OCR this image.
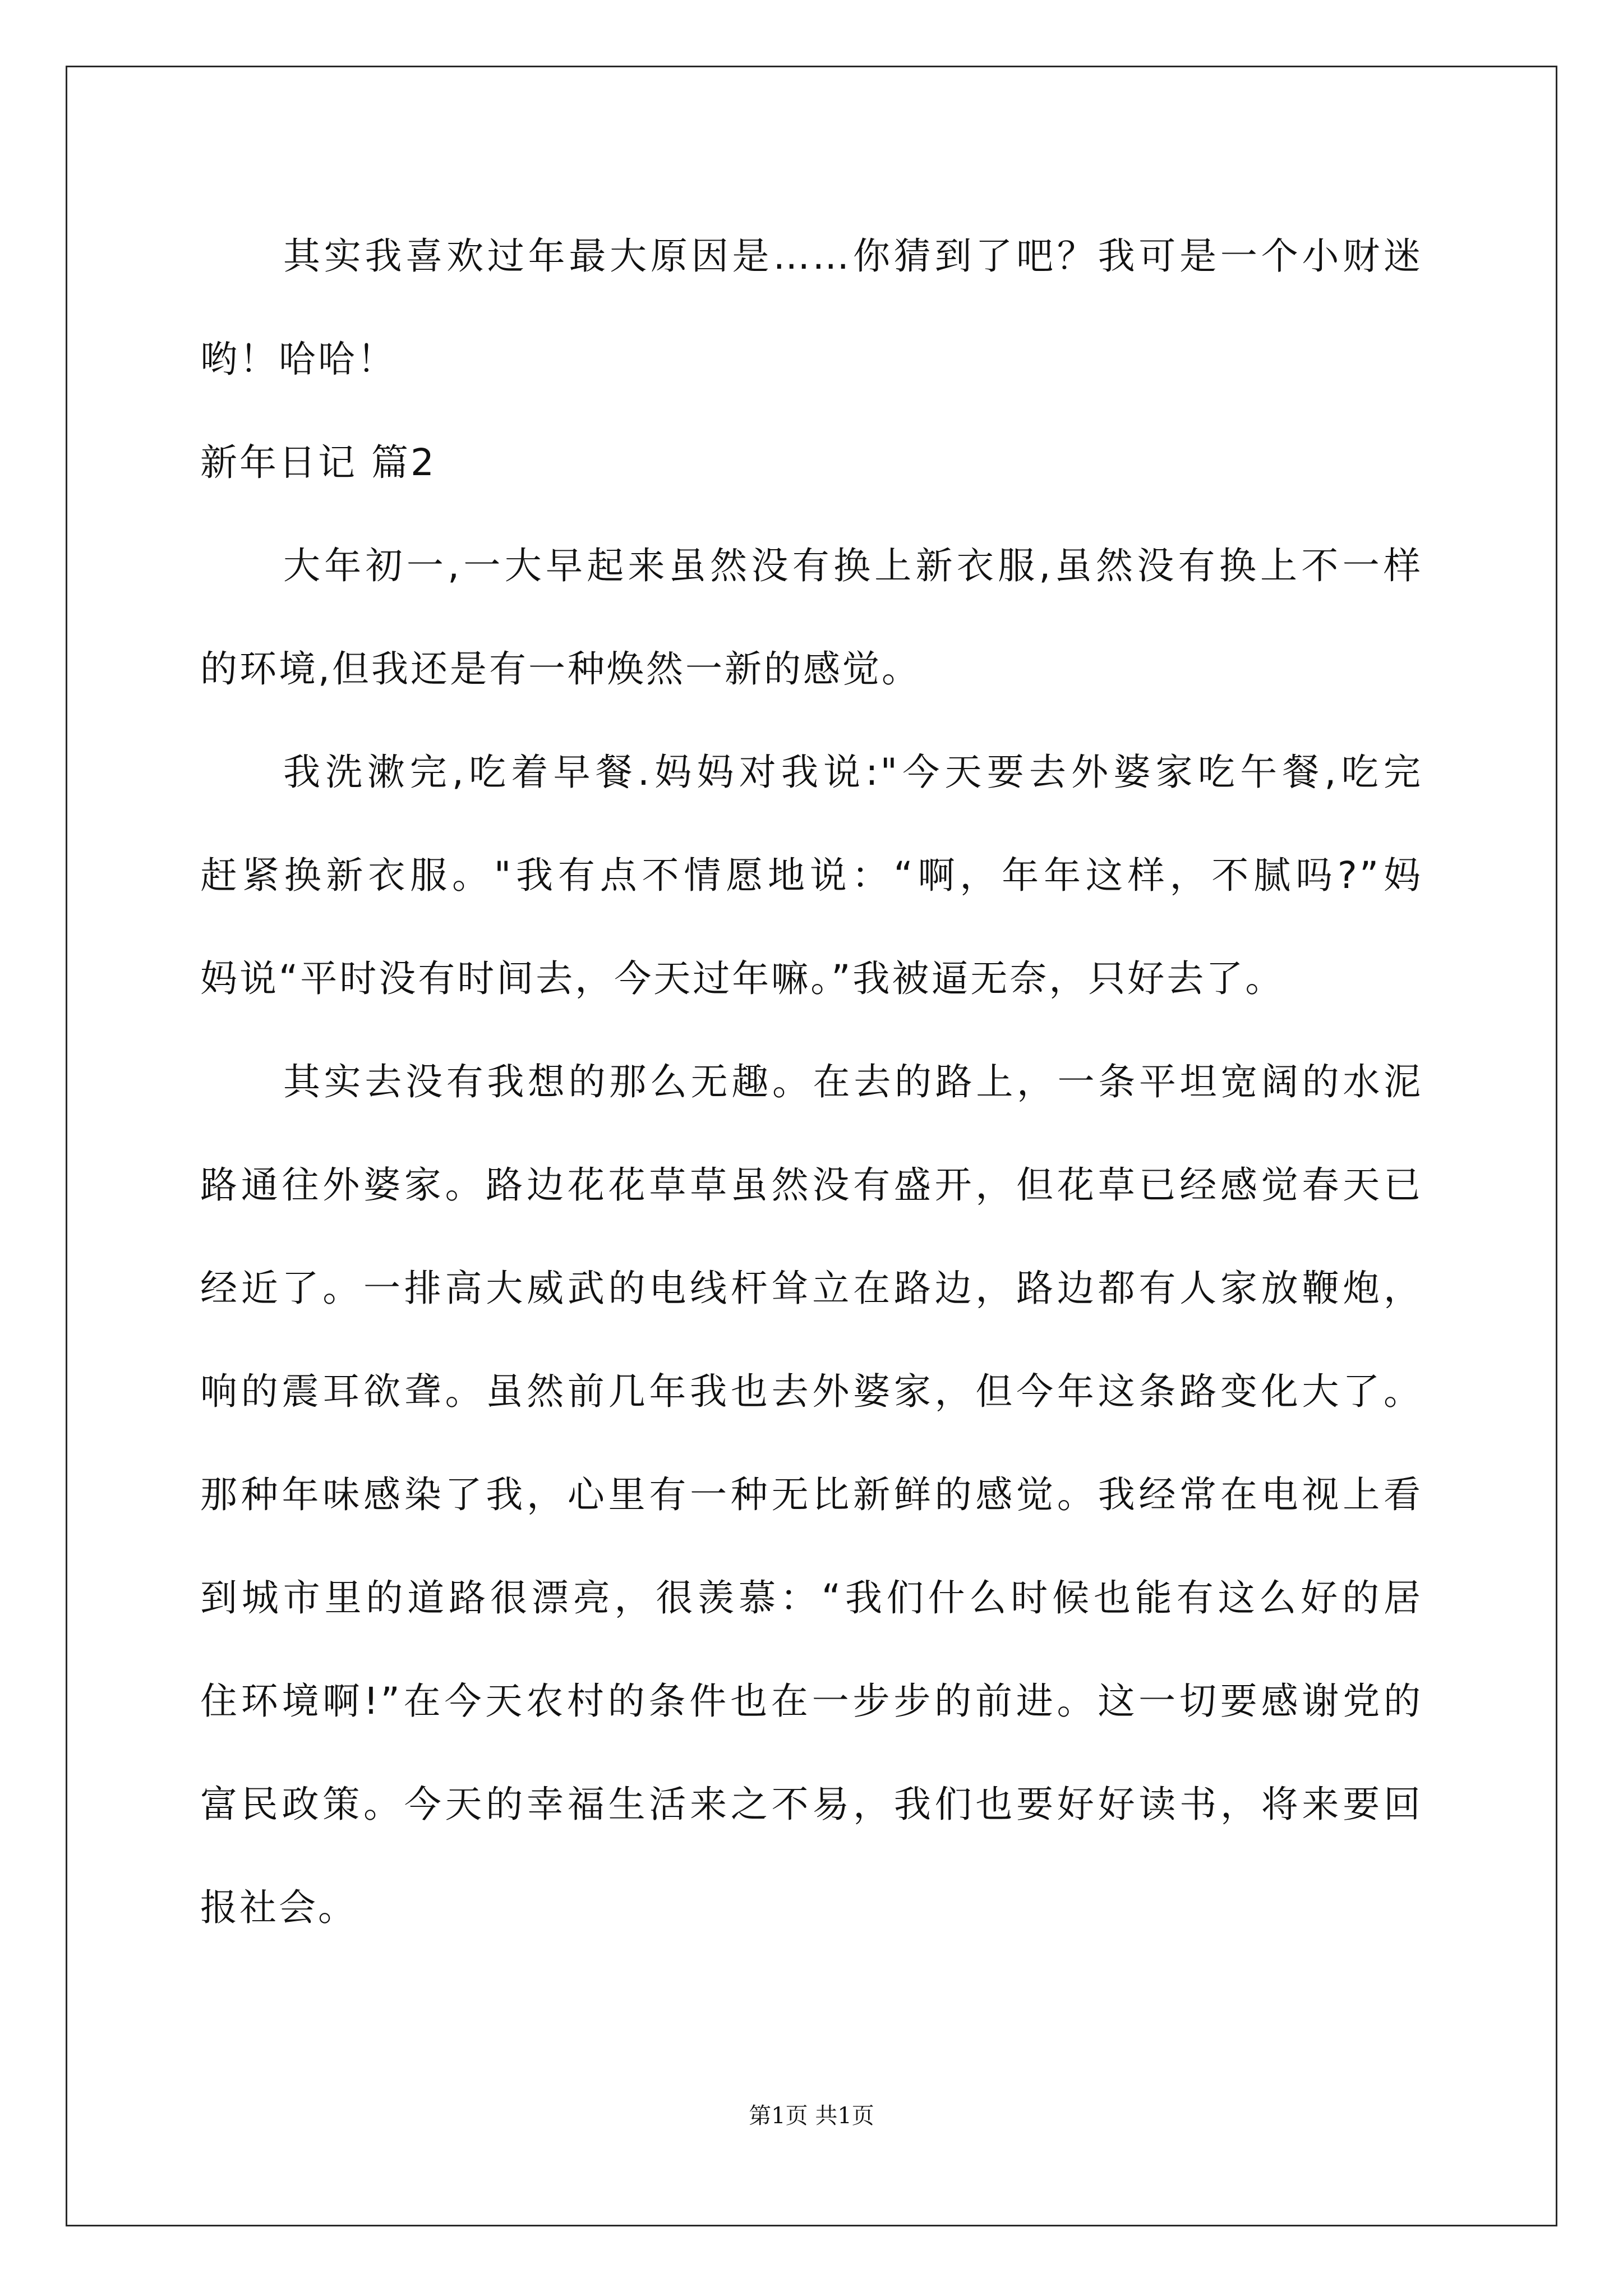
其实我喜欢过年最大原因是……你猜到了吧？我可是一个小财迷
哟！哈哈！
新年日记 篇2
大年初一,一大早起来虽然没有换上新衣服,虽然没有换上不一样
的环境,但我还是有一种焕然一新的感觉。
我洗漱完,吃着早餐.妈妈对我说:"今天要去外婆家吃午餐,吃完
赶紧换新衣服。"我有点不情愿地说：“啊，年年这样，不腻吗?”妈
妈说“平时没有时间去，今天过年嘛。”我被逼无奈，只好去了。
其实去没有我想的那么无趣。在去的路上，一条平坦宽阔的水泥
路通往外婆家。路边花花草草虽然没有盛开，但花草已经感觉春天已
经近了。一排高大威武的电线杆耸立在路边，路边都有人家放鞭炮，
响的震耳欲聋。虽然前几年我也去外婆家，但今年这条路变化大了。
那种年味感染了我，心里有一种无比新鲜的感觉。我经常在电视上看
到城市里的道路很漂亮，很羡慕：“我们什么时候也能有这么好的居
住环境啊!”在今天农村的条件也在一步步的前进。这一切要感谢党的
富民政策。今天的幸福生活来之不易，我们也要好好读书，将来要回
报社会。
第1页 共1页
